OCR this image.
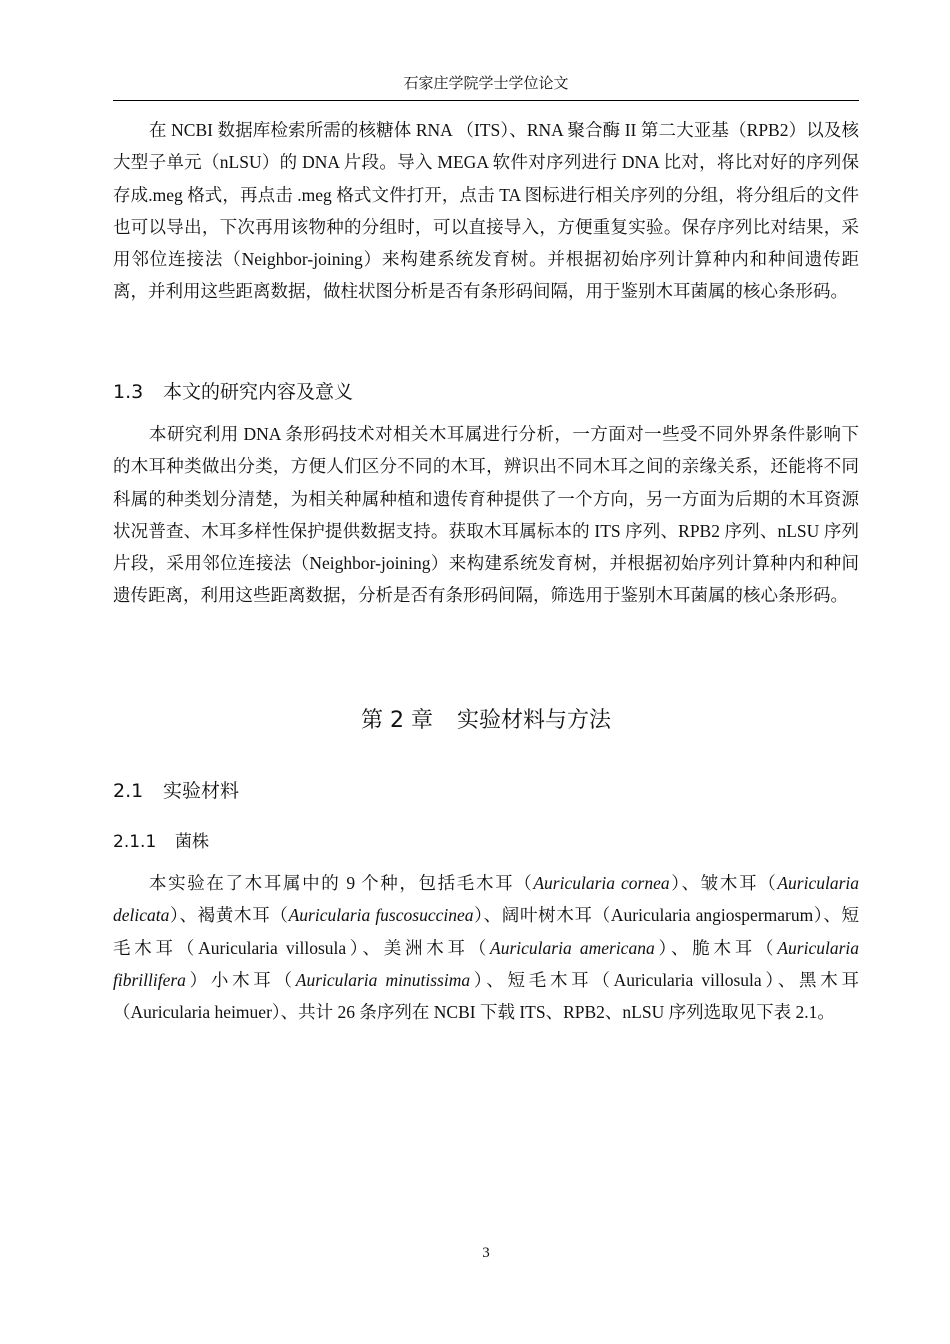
石家庄学院学士学位论文

在 NCBI 数据库检索所需的核糖体 RNA （ITS）、RNA 聚合酶 II 第二大亚基（RPB2）以及核大型子单元（nLSU）的 DNA 片段。导入 MEGA 软件对序列进行 DNA 比对，将比对好的序列保存成.meg 格式，再点击 .meg 格式文件打开，点击 TA 图标进行相关序列的分组，将分组后的文件也可以导出，下次再用该物种的分组时，可以直接导入，方便重复实验。保存序列比对结果，采用邻位连接法（Neighbor-joining）来构建系统发育树。并根据初始序列计算种内和种间遗传距离，并利用这些距离数据，做柱状图分析是否有条形码间隔，用于鉴别木耳菌属的核心条形码。

1.3 本文的研究内容及意义

本研究利用 DNA 条形码技术对相关木耳属进行分析，一方面对一些受不同外界条件影响下的木耳种类做出分类，方便人们区分不同的木耳，辨识出不同木耳之间的亲缘关系，还能将不同科属的种类划分清楚，为相关种属种植和遗传育种提供了一个方向，另一方面为后期的木耳资源状况普查、木耳多样性保护提供数据支持。获取木耳属标本的 ITS 序列、RPB2 序列、nLSU 序列片段，采用邻位连接法（Neighbor-joining）来构建系统发育树，并根据初始序列计算种内和种间遗传距离，利用这些距离数据，分析是否有条形码间隔，筛选用于鉴别木耳菌属的核心条形码。

第 2 章 实验材料与方法
2.1 实验材料
2.1.1 菌株

本实验在了木耳属中的 9 个种，包括毛木耳（Auricularia cornea）、皱木耳（Auricularia delicata）、褐黄木耳（Auricularia fuscosuccinea）、阔叶树木耳（Auricularia angiospermarum）、短毛木耳（Auricularia villosula）、美洲木耳（Auricularia americana）、脆木耳（Auricularia fibrillifera）小木耳（Auricularia minutissima）、短毛木耳（Auricularia villosula）、黑木耳（Auricularia heimuer）、共计 26 条序列在 NCBI 下载 ITS、RPB2、nLSU 序列选取见下表 2.1。

3
